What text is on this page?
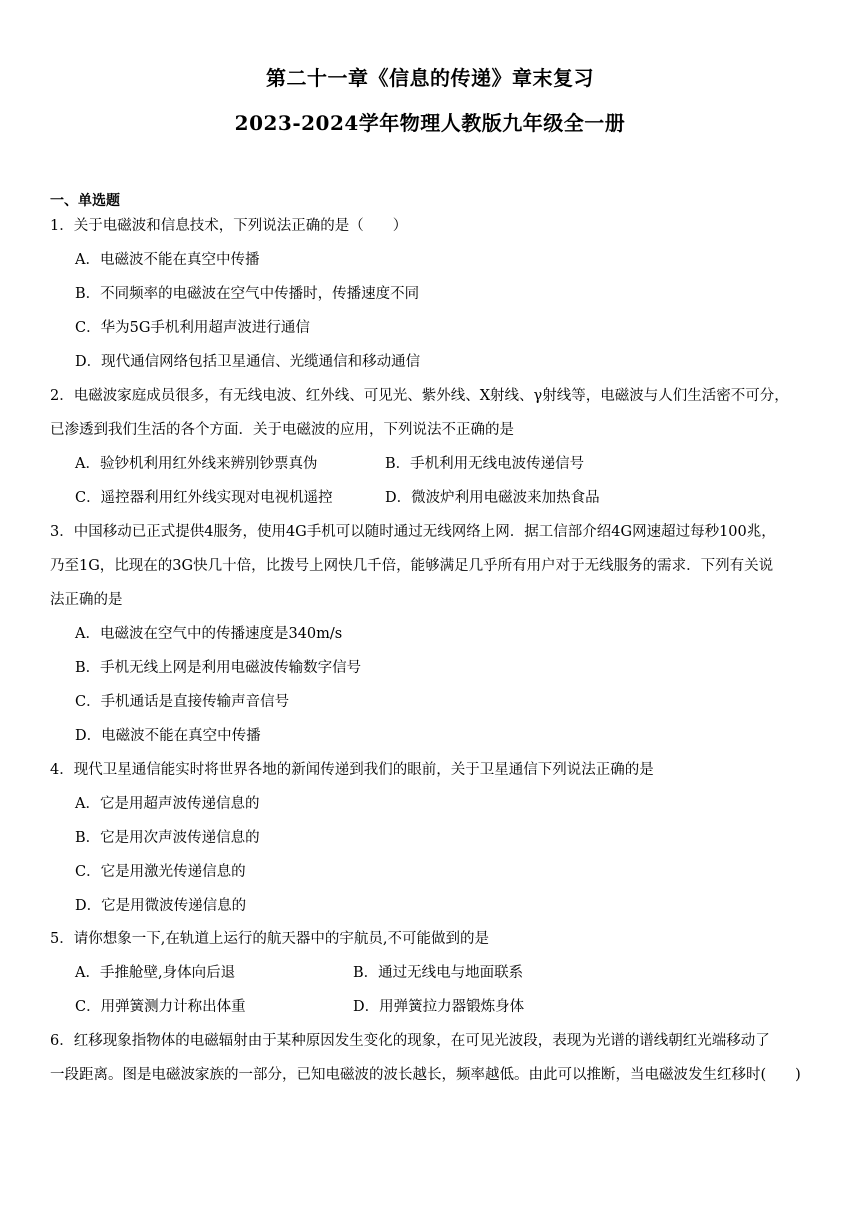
第二十一章《信息的传递》章末复习
2023-2024学年物理人教版九年级全一册
一、单选题
1．关于电磁波和信息技术，下列说法正确的是（　　）
A．电磁波不能在真空中传播
B．不同频率的电磁波在空气中传播时，传播速度不同
C．华为5G手机利用超声波进行通信
D．现代通信网络包括卫星通信、光缆通信和移动通信
2．电磁波家庭成员很多，有无线电波、红外线、可见光、紫外线、X射线、γ射线等，电磁波与人们生活密不可分，
已渗透到我们生活的各个方面．关于电磁波的应用，下列说法不正确的是
A．验钞机利用红外线来辨别钞票真伪	B．手机利用无线电波传递信号
C．遥控器利用红外线实现对电视机遥控	D．微波炉利用电磁波来加热食品
3．中国移动已正式提供4服务，使用4G手机可以随时通过无线网络上网．据工信部介绍4G网速超过每秒100兆，
乃至1G，比现在的3G快几十倍，比拨号上网快几千倍，能够满足几乎所有用户对于无线服务的需求．下列有关说
法正确的是
A．电磁波在空气中的传播速度是340m/s
B．手机无线上网是利用电磁波传输数字信号
C．手机通话是直接传输声音信号
D．电磁波不能在真空中传播
4．现代卫星通信能实时将世界各地的新闻传递到我们的眼前，关于卫星通信下列说法正确的是
A．它是用超声波传递信息的
B．它是用次声波传递信息的
C．它是用激光传递信息的
D．它是用微波传递信息的
5．请你想象一下,在轨道上运行的航天器中的宇航员,不可能做到的是
A．手推舱壁,身体向后退	B．通过无线电与地面联系
C．用弹簧测力计称出体重	D．用弹簧拉力器锻炼身体
6．红移现象指物体的电磁辐射由于某种原因发生变化的现象，在可见光波段，表现为光谱的谱线朝红光端移动了
一段距离。图是电磁波家族的一部分，已知电磁波的波长越长，频率越低。由此可以推断，当电磁波发生红移时(　　)
